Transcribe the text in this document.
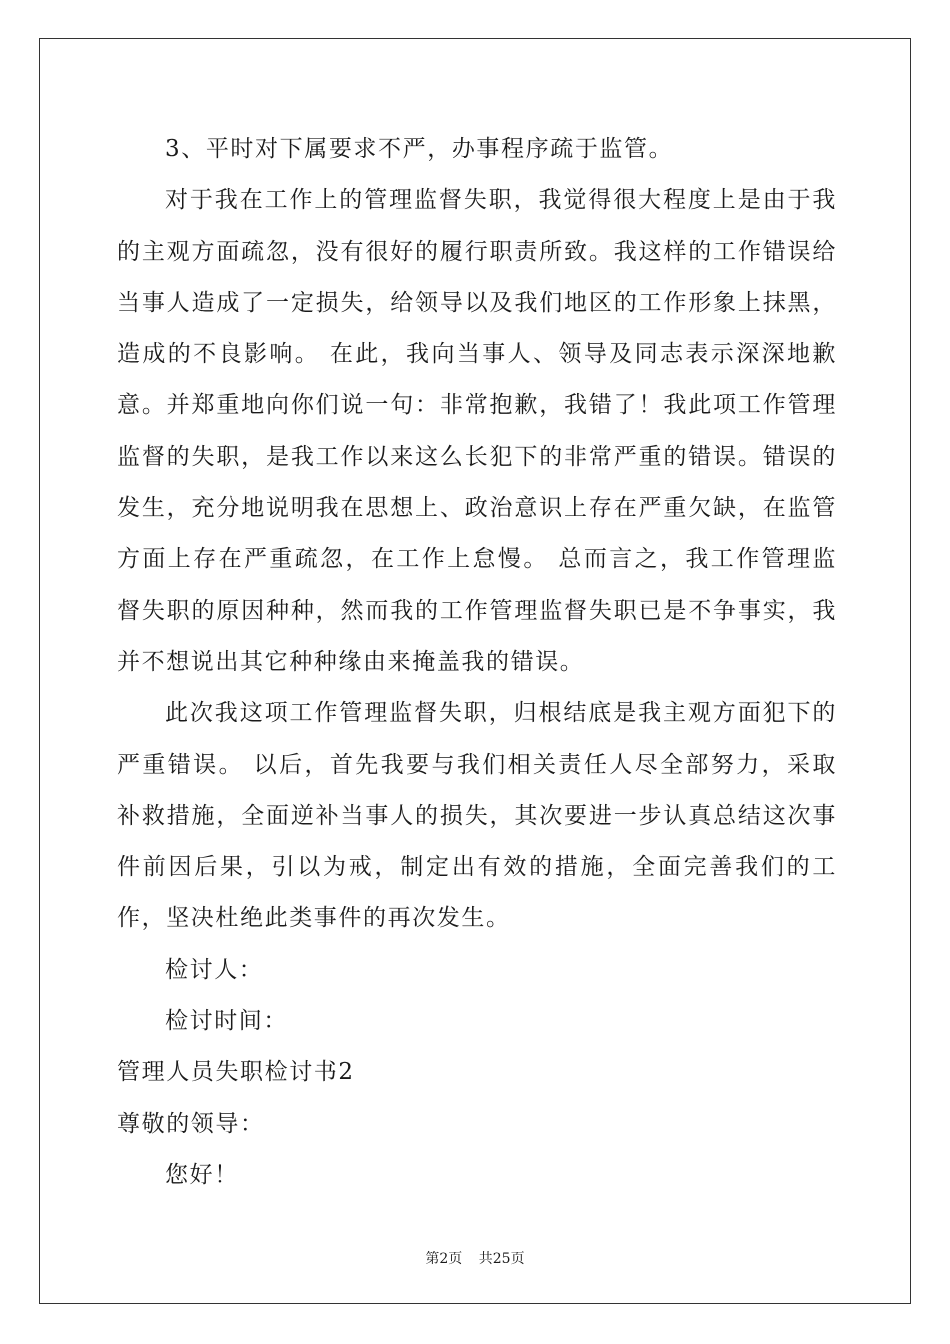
3、平时对下属要求不严，办事程序疏于监管。

对于我在工作上的管理监督失职，我觉得很大程度上是由于我的主观方面疏忽，没有很好的履行职责所致。我这样的工作错误给当事人造成了一定损失，给领导以及我们地区的工作形象上抹黑，造成的不良影响。 在此，我向当事人、领导及同志表示深深地歉意。并郑重地向你们说一句：非常抱歉，我错了！我此项工作管理监督的失职，是我工作以来这么长犯下的非常严重的错误。错误的发生，充分地说明我在思想上、政治意识上存在严重欠缺，在监管方面上存在严重疏忽，在工作上怠慢。 总而言之，我工作管理监督失职的原因种种，然而我的工作管理监督失职已是不争事实，我并不想说出其它种种缘由来掩盖我的错误。

此次我这项工作管理监督失职，归根结底是我主观方面犯下的严重错误。 以后，首先我要与我们相关责任人尽全部努力，采取补救措施，全面逆补当事人的损失，其次要进一步认真总结这次事件前因后果，引以为戒，制定出有效的措施，全面完善我们的工作，坚决杜绝此类事件的再次发生。

检讨人：

检讨时间：

管理人员失职检讨书2

尊敬的领导：

您好！

第2页 共25页
